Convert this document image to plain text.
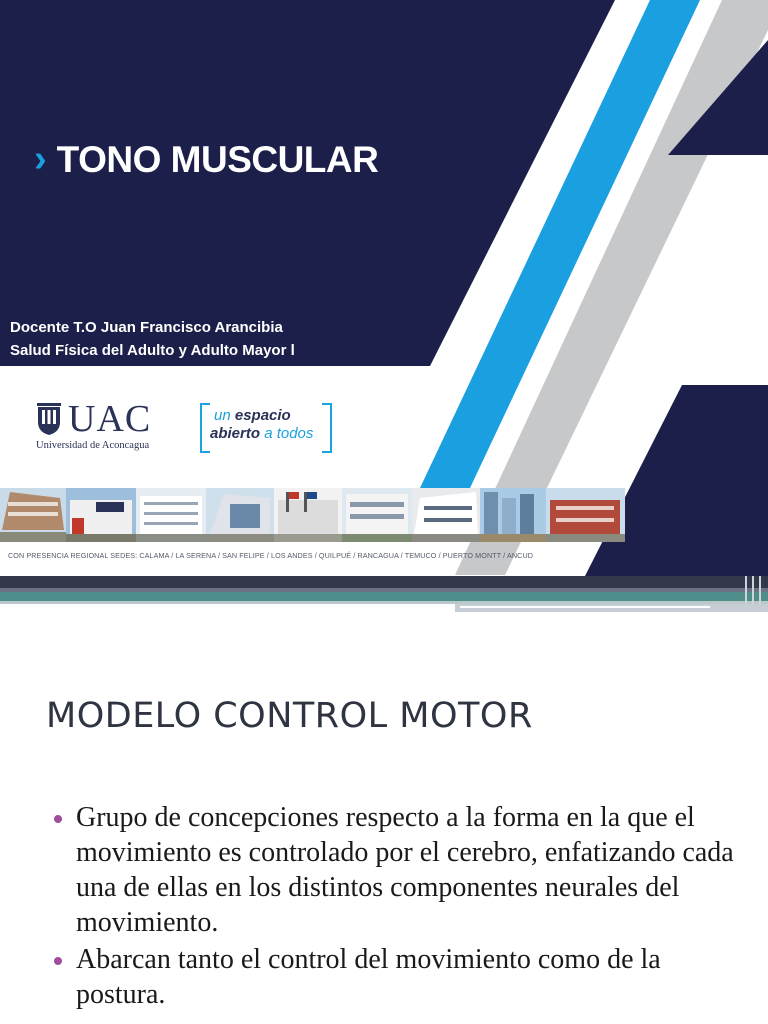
› TONO MUSCULAR
Docente T.O Juan Francisco Arancibia
Salud Física del Adulto y Adulto Mayor l
UAC
Universidad de Aconcagua
un espacio
abierto a todos
CON PRESENCIA REGIONAL SEDES: CALAMA / LA SERENA / SAN FELIPE / LOS ANDES / QUILPUÉ / RANCAGUA / TEMUCO / PUERTO MONTT / ANCUD
MODELO CONTROL MOTOR
Grupo de concepciones respecto a la forma en la que el movimiento es controlado por el cerebro, enfatizando cada una de ellas en los distintos componentes neurales del movimiento.
Abarcan tanto el control del movimiento como de la postura.
